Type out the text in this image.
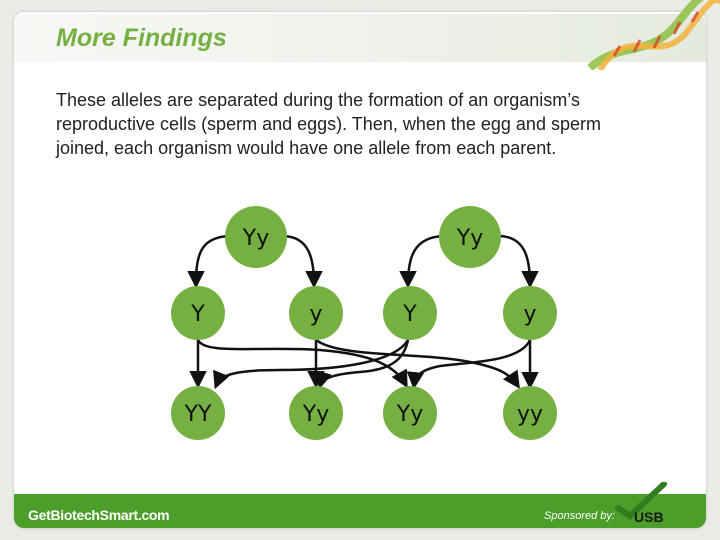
More Findings
These alleles are separated during the formation of an organism’s reproductive cells (sperm and eggs). Then, when the egg and sperm joined, each organism would have one allele from each parent.
Yy	Yy
Y	y	Y	y
YY	Yy	Yy	yy
GetBiotechSmart.com	Sponsored by: USB
